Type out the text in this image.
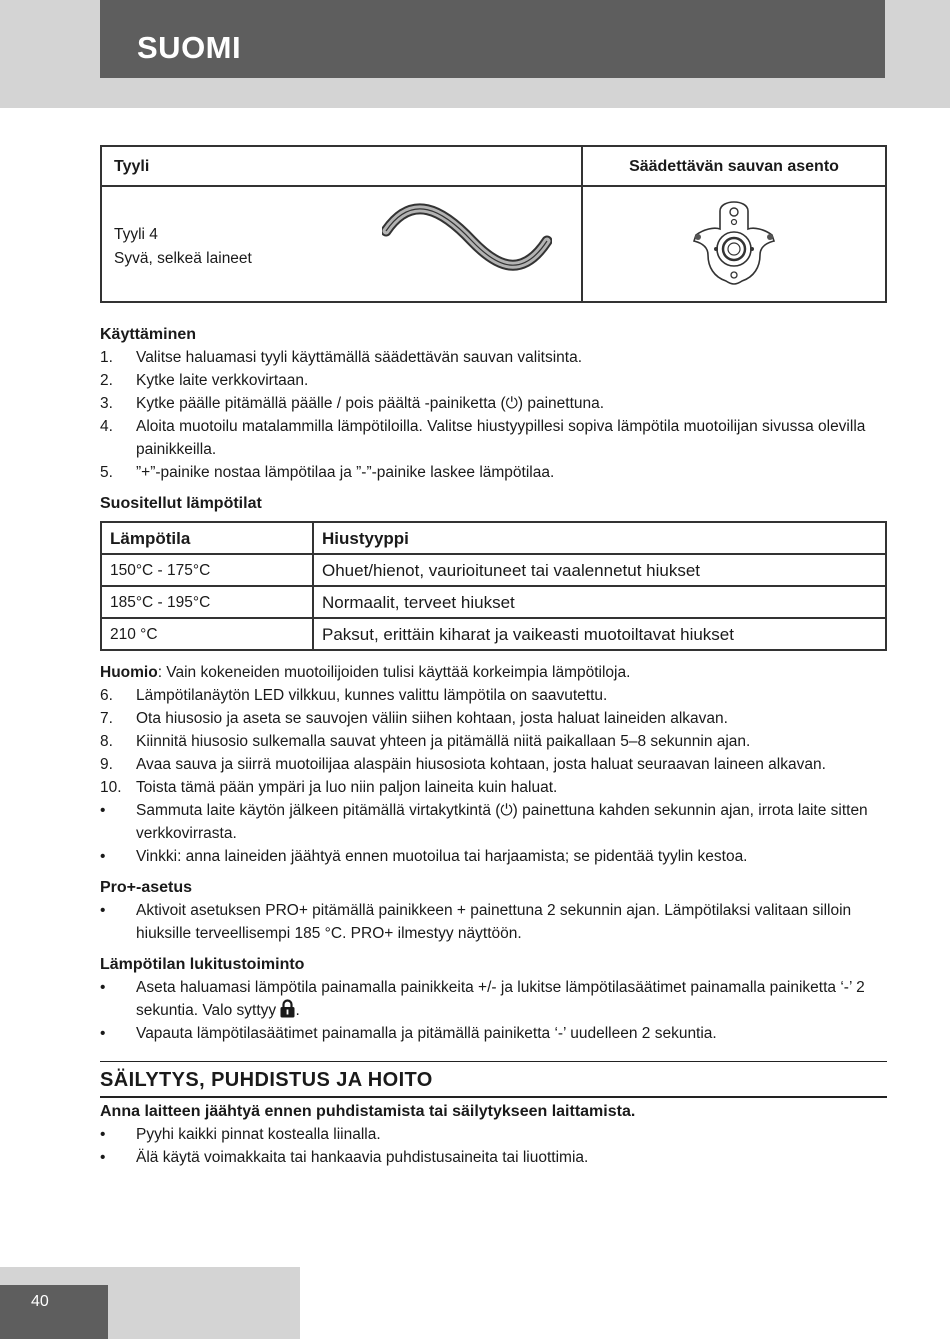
SUOMI
Tyyli	Säädettävän sauvan asento

Tyyli 4
Syvä, selkeä laineet

Käyttäminen
1.	Valitse haluamasi tyyli käyttämällä säädettävän sauvan valitsinta.
2.	Kytke laite verkkovirtaan.
3.	Kytke päälle pitämällä päälle / pois päältä -painiketta (⏻) painettuna.
4.	Aloita muotoilu matalammilla lämpötiloilla. Valitse hiustyypillesi sopiva lämpötila muotoilijan sivussa olevilla painikkeilla.
5.	”+”-painike nostaa lämpötilaa ja ”-”-painike laskee lämpötilaa.
Suositellut lämpötilat
Lämpötila	Hiustyyppi
150°C - 175°C	Ohuet/hienot, vaurioituneet tai vaalennetut hiukset
185°C - 195°C	Normaalit, terveet hiukset
210 °C	Paksut, erittäin kiharat ja vaikeasti muotoiltavat hiukset
Huomio: Vain kokeneiden muotoilijoiden tulisi käyttää korkeimpia lämpötiloja.
6.	Lämpötilanäytön LED vilkkuu, kunnes valittu lämpötila on saavutettu.
7.	Ota hiusosio ja aseta se sauvojen väliin siihen kohtaan, josta haluat laineiden alkavan.
8.	Kiinnitä hiusosio sulkemalla sauvat yhteen ja pitämällä niitä paikallaan 5–8 sekunnin ajan.
9.	Avaa sauva ja siirrä muotoilijaa alaspäin hiusosiota kohtaan, josta haluat seuraavan laineen alkavan.
10. Toista tämä pään ympäri ja luo niin paljon laineita kuin haluat.
•	Sammuta laite käytön jälkeen pitämällä virtakytkintä (⏻) painettuna kahden sekunnin ajan, irrota laite sitten verkkovirrasta.
•	Vinkki: anna laineiden jäähtyä ennen muotoilua tai harjaamista; se pidentää tyylin kestoa.
Pro+-asetus
•	Aktivoit asetuksen PRO+ pitämällä painikkeen + painettuna 2 sekunnin ajan. Lämpötilaksi valitaan silloin hiuksille terveellisempi 185 °C. PRO+ ilmestyy näyttöön.
Lämpötilan lukitustoiminto
•	Aseta haluamasi lämpötila painamalla painikkeita +/- ja lukitse lämpötilasäätimet painamalla painiketta ‘-’ 2 sekuntia. Valo syttyy .
•	Vapauta lämpötilasäätimet painamalla ja pitämällä painiketta ‘-’ uudelleen 2 sekuntia.
SÄILYTYS, PUHDISTUS JA HOITO
Anna laitteen jäähtyä ennen puhdistamista tai säilytykseen laittamista.
•	Pyyhi kaikki pinnat kostealla liinalla.
•	Älä käytä voimakkaita tai hankaavia puhdistusaineita tai liuottimia.
40
